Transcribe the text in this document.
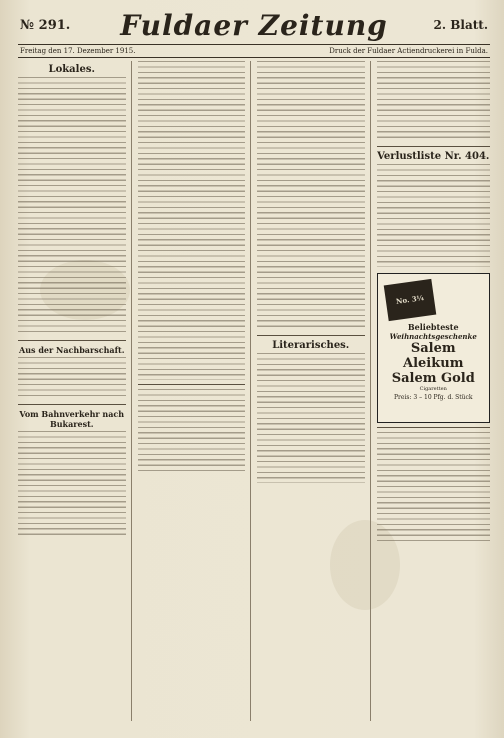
№ 291.	Fuldaer Zeitung	2. Blatt.
Freitag den 17. Dezember 1915.	Druck der Fuldaer Actiendruckerei in Fulda.
Lokales.
Aus der Nachbarschaft.
Vom Bahnverkehr nach Bukarest.
Literarisches.
Verlustliste Nr. 404.
No. 3¼
Beliebteste
Weihnachtsgeschenke
Salem Aleikum
Salem Gold
Cigaretten
Preis: 3 – 10 Pfg. d. Stück
